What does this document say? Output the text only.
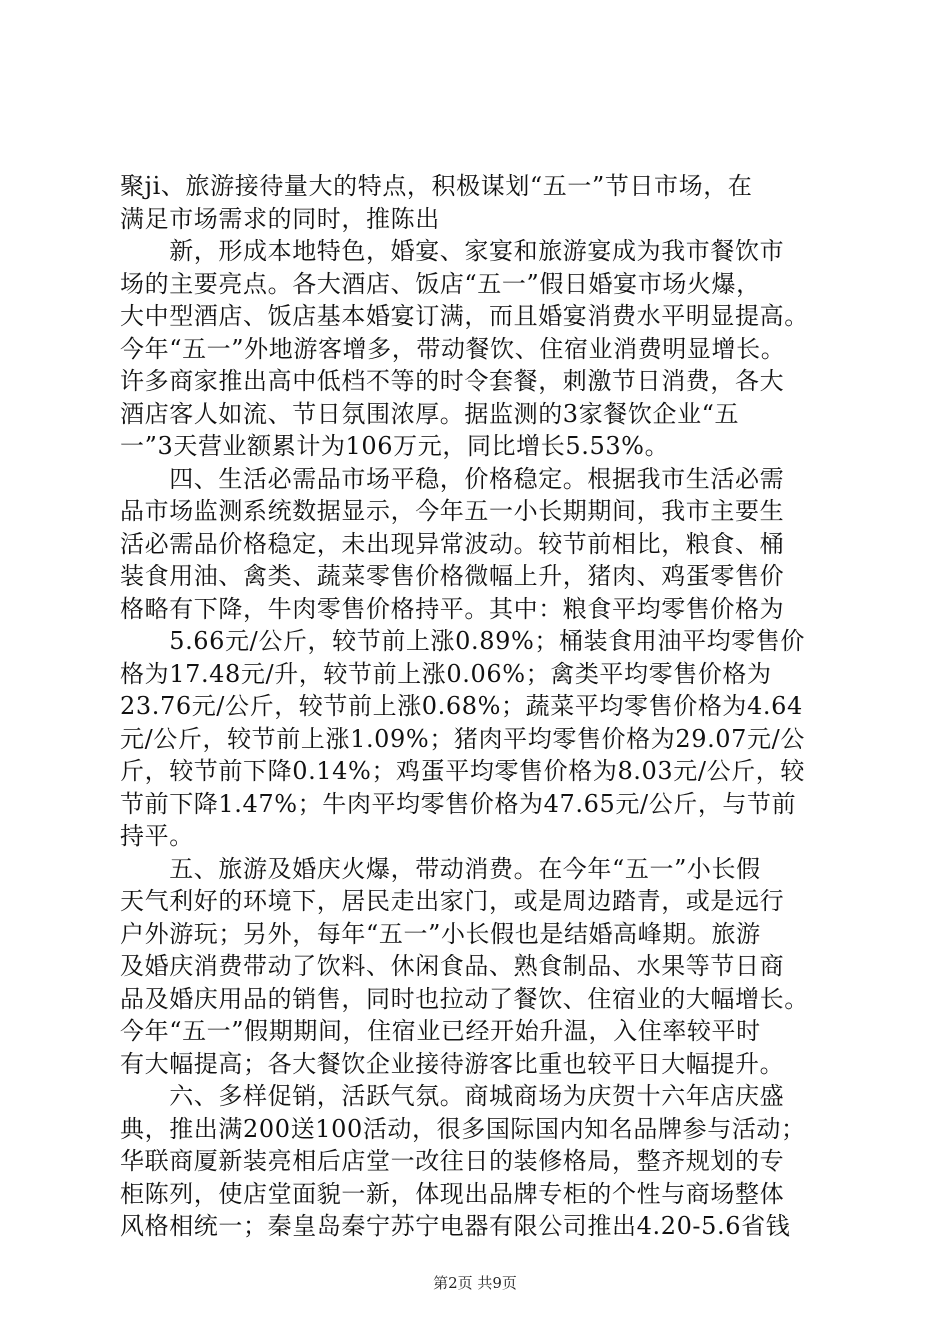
聚ji、旅游接待量大的特点，积极谋划“五一”节日市场，在
满足市场需求的同时，推陈出
　　新，形成本地特色，婚宴、家宴和旅游宴成为我市餐饮市
场的主要亮点。各大酒店、饭店“五一”假日婚宴市场火爆，
大中型酒店、饭店基本婚宴订满，而且婚宴消费水平明显提高。
今年“五一”外地游客增多，带动餐饮、住宿业消费明显增长。
许多商家推出高中低档不等的时令套餐，刺激节日消费，各大
酒店客人如流、节日氛围浓厚。据监测的3家餐饮企业“五
一”3天营业额累计为106万元，同比增长5.53%。
　　四、生活必需品市场平稳，价格稳定。根据我市生活必需
品市场监测系统数据显示，今年五一小长期期间，我市主要生
活必需品价格稳定，未出现异常波动。较节前相比，粮食、桶
装食用油、禽类、蔬菜零售价格微幅上升，猪肉、鸡蛋零售价
格略有下降，牛肉零售价格持平。其中：粮食平均零售价格为
　　5.66元/公斤，较节前上涨0.89%；桶装食用油平均零售价
格为17.48元/升，较节前上涨0.06%；禽类平均零售价格为
23.76元/公斤，较节前上涨0.68%；蔬菜平均零售价格为4.64
元/公斤，较节前上涨1.09%；猪肉平均零售价格为29.07元/公
斤，较节前下降0.14%；鸡蛋平均零售价格为8.03元/公斤，较
节前下降1.47%；牛肉平均零售价格为47.65元/公斤，与节前
持平。
　　五、旅游及婚庆火爆，带动消费。在今年“五一”小长假
天气利好的环境下，居民走出家门，或是周边踏青，或是远行
户外游玩；另外，每年“五一”小长假也是结婚高峰期。旅游
及婚庆消费带动了饮料、休闲食品、熟食制品、水果等节日商
品及婚庆用品的销售，同时也拉动了餐饮、住宿业的大幅增长。
今年“五一”假期期间，住宿业已经开始升温，入住率较平时
有大幅提高；各大餐饮企业接待游客比重也较平日大幅提升。
　　六、多样促销，活跃气氛。商城商场为庆贺十六年店庆盛
典，推出满200送100活动，很多国际国内知名品牌参与活动；
华联商厦新装亮相后店堂一改往日的装修格局，整齐规划的专
柜陈列，使店堂面貌一新，体现出品牌专柜的个性与商场整体
风格相统一；秦皇岛秦宁苏宁电器有限公司推出4.20-5.6省钱
第2页 共9页
